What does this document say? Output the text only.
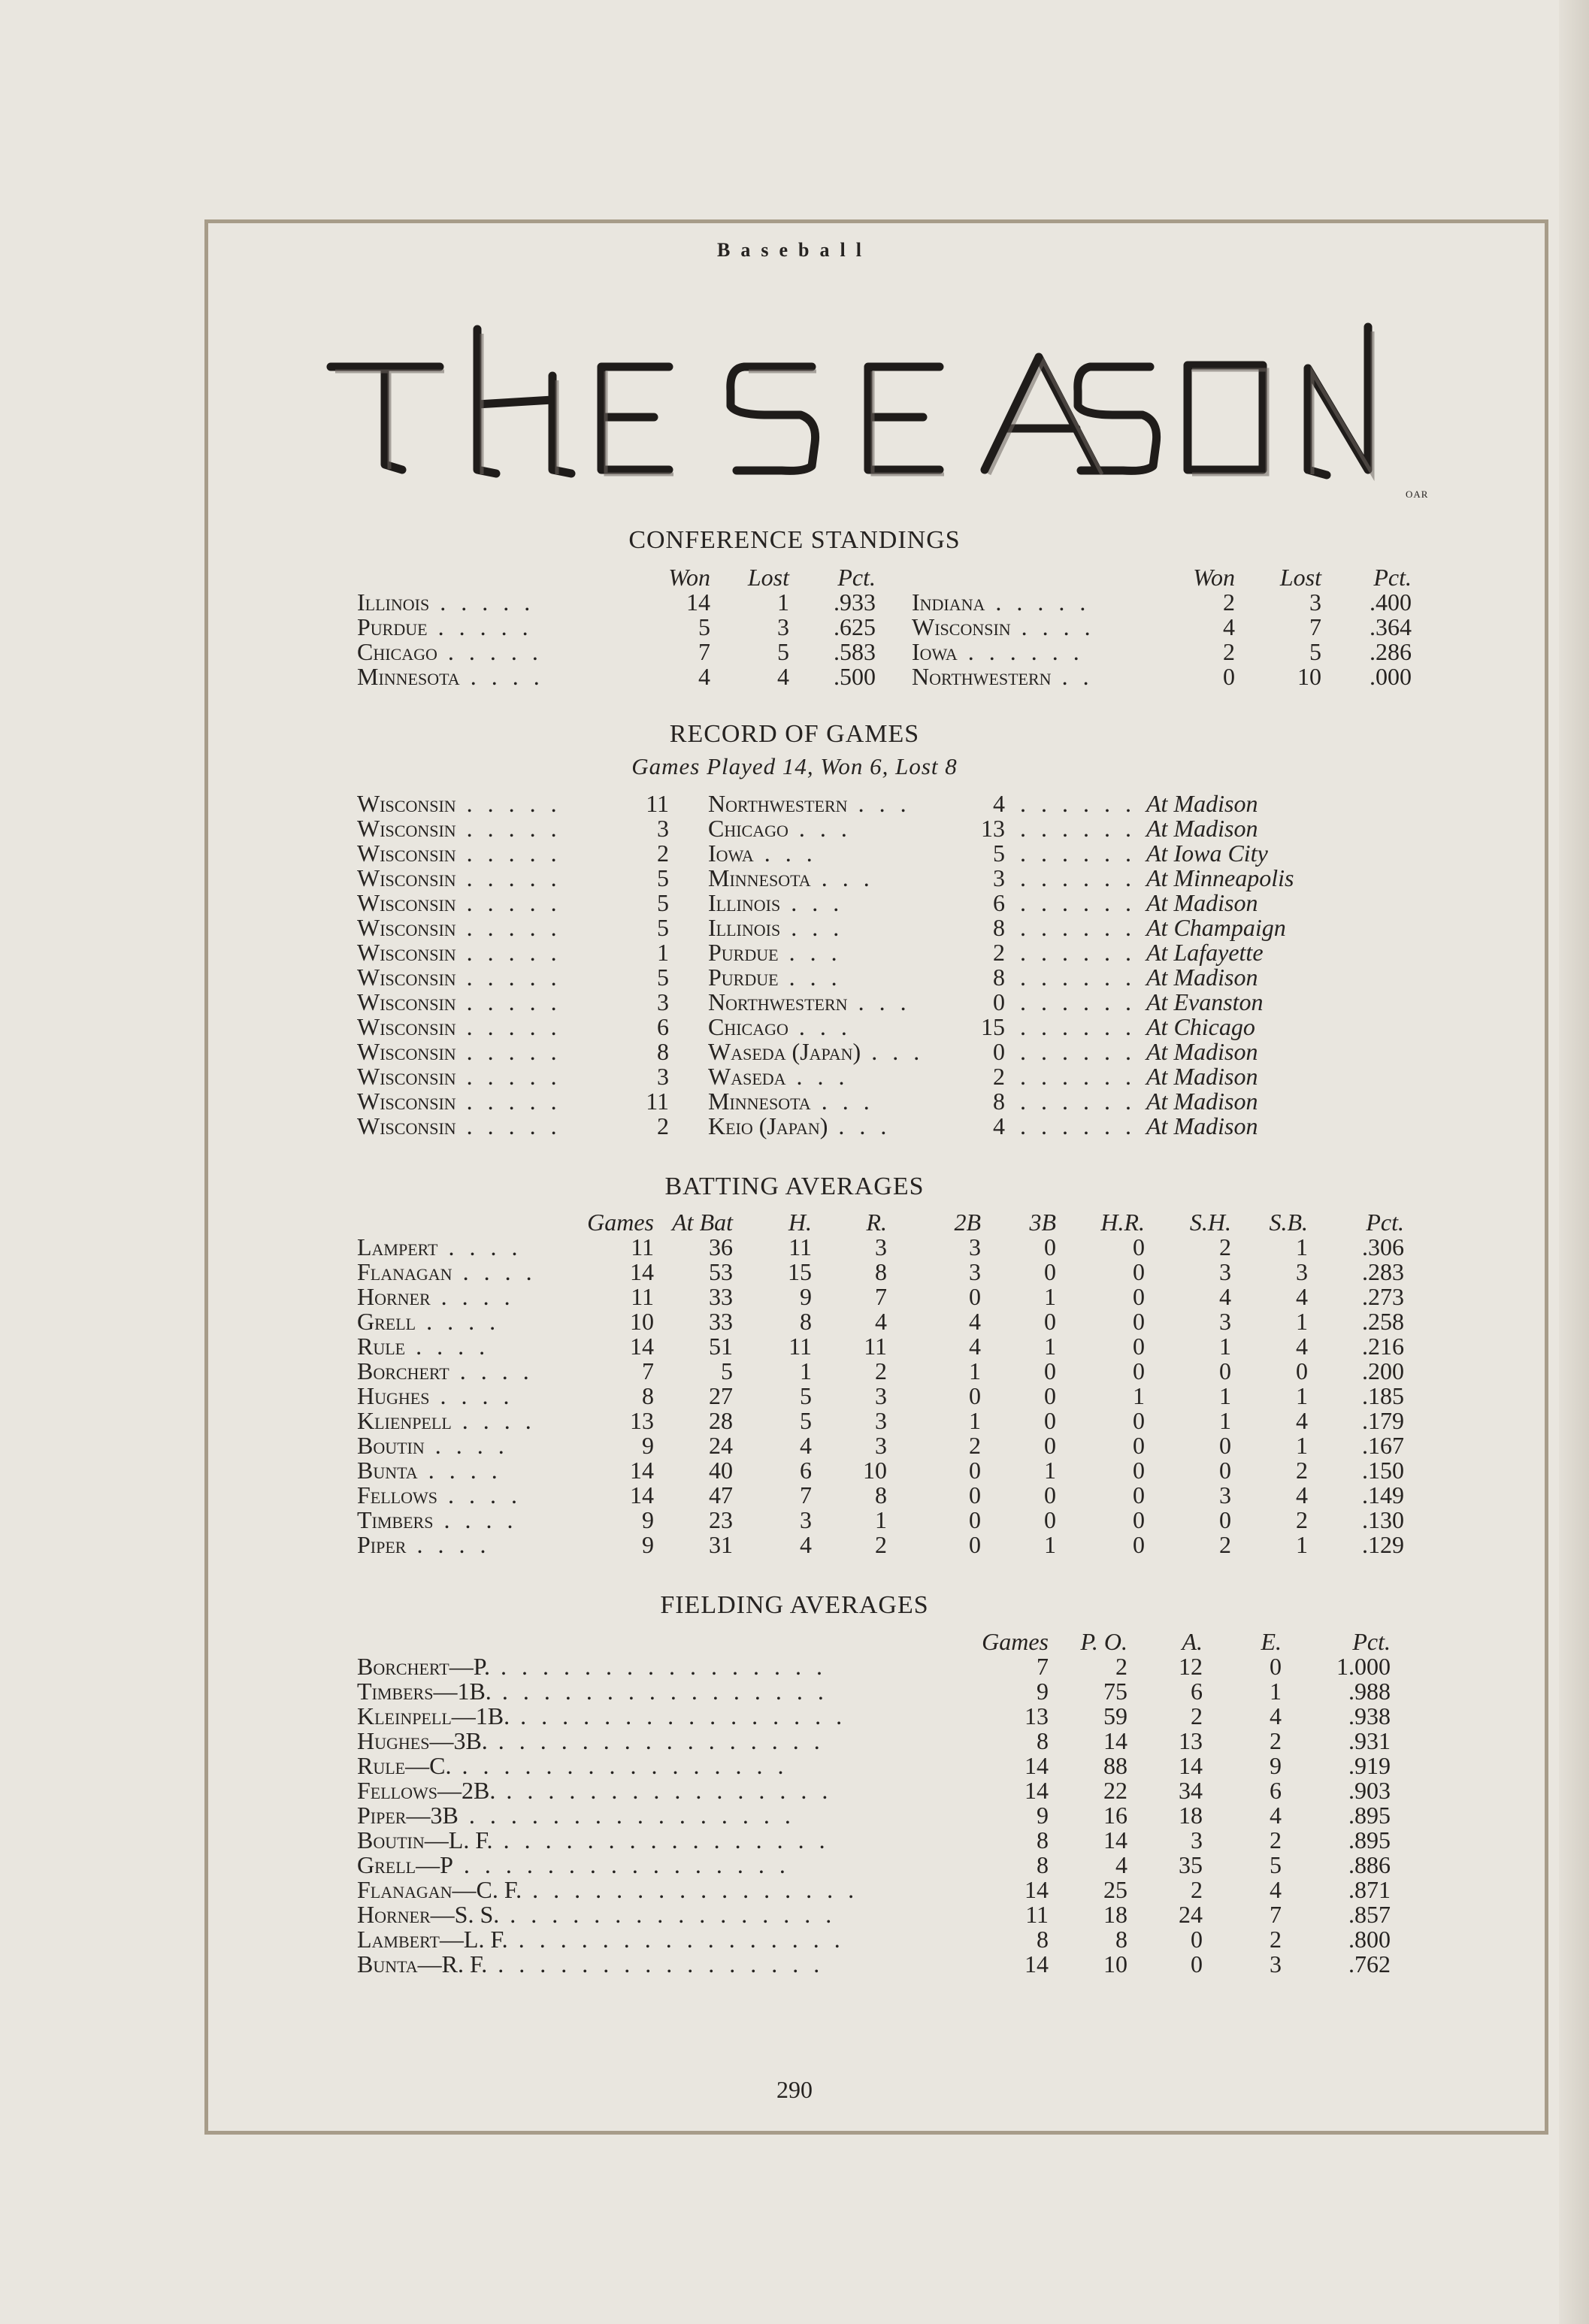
Baseball
OAR
CONFERENCE STANDINGS
	Won	Lost	Pct.
Illinois . . . . .	14	1	.933
Purdue . . . . .	5	3	.625
Chicago . . . . .	7	5	.583
Minnesota . . . .	4	4	.500
	Won	Lost	Pct.
Indiana . . . . .	2	3	.400
Wisconsin . . . .	4	7	.364
Iowa . . . . . .	2	5	.286
Northwestern . .	0	10	.000
RECORD OF GAMES
Games Played 14, Won 6, Lost 8
Wisconsin . . . . .	11	Northwestern . . .	4	. . . . . . At Madison
Wisconsin . . . . .	3	Chicago . . .	13	. . . . . . At Madison
Wisconsin . . . . .	2	Iowa . . .	5	. . . . . . At Iowa City
Wisconsin . . . . .	5	Minnesota . . .	3	. . . . . . At Minneapolis
Wisconsin . . . . .	5	Illinois . . .	6	. . . . . . At Madison
Wisconsin . . . . .	5	Illinois . . .	8	. . . . . . At Champaign
Wisconsin . . . . .	1	Purdue . . .	2	. . . . . . At Lafayette
Wisconsin . . . . .	5	Purdue . . .	8	. . . . . . At Madison
Wisconsin . . . . .	3	Northwestern . . .	0	. . . . . . At Evanston
Wisconsin . . . . .	6	Chicago . . .	15	. . . . . . At Chicago
Wisconsin . . . . .	8	Waseda (Japan) . . .	0	. . . . . . At Madison
Wisconsin . . . . .	3	Waseda . . .	2	. . . . . . At Madison
Wisconsin . . . . .	11	Minnesota . . .	8	. . . . . . At Madison
Wisconsin . . . . .	2	Keio (Japan) . . .	4	. . . . . . At Madison
BATTING AVERAGES
	Games	At Bat	H.	R.	2B	3B	H.R.	S.H.	S.B.	Pct.
Lampert . . . .	11	36	11	3	3	0	0	2	1	.306
Flanagan . . . .	14	53	15	8	3	0	0	3	3	.283
Horner . . . .	11	33	9	7	0	1	0	4	4	.273
Grell . . . .	10	33	8	4	4	0	0	3	1	.258
Rule . . . .	14	51	11	11	4	1	0	1	4	.216
Borchert . . . .	7	5	1	2	1	0	0	0	0	.200
Hughes . . . .	8	27	5	3	0	0	1	1	1	.185
Klienpell . . . .	13	28	5	3	1	0	0	1	4	.179
Boutin . . . .	9	24	4	3	2	0	0	0	1	.167
Bunta . . . .	14	40	6	10	0	1	0	0	2	.150
Fellows . . . .	14	47	7	8	0	0	0	3	4	.149
Timbers . . . .	9	23	3	1	0	0	0	0	2	.130
Piper . . . .	9	31	4	2	0	1	0	2	1	.129
FIELDING AVERAGES
	Games	P. O.	A.	E.	Pct.
Borchert—P. . . . . . . . . . . . . . . . .	7	2	12	0	1.000
Timbers—1B. . . . . . . . . . . . . . . . .	9	75	6	1	.988
Kleinpell—1B. . . . . . . . . . . . . . . . .	13	59	2	4	.938
Hughes—3B. . . . . . . . . . . . . . . . .	8	14	13	2	.931
Rule—C. . . . . . . . . . . . . . . . .	14	88	14	9	.919
Fellows—2B. . . . . . . . . . . . . . . . .	14	22	34	6	.903
Piper—3B . . . . . . . . . . . . . . . .	9	16	18	4	.895
Boutin—L. F. . . . . . . . . . . . . . . . .	8	14	3	2	.895
Grell—P . . . . . . . . . . . . . . . .	8	4	35	5	.886
Flanagan—C. F. . . . . . . . . . . . . . . . .	14	25	2	4	.871
Horner—S. S. . . . . . . . . . . . . . . . .	11	18	24	7	.857
Lambert—L. F. . . . . . . . . . . . . . . . .	8	8	0	2	.800
Bunta—R. F. . . . . . . . . . . . . . . . .	14	10	0	3	.762
290
